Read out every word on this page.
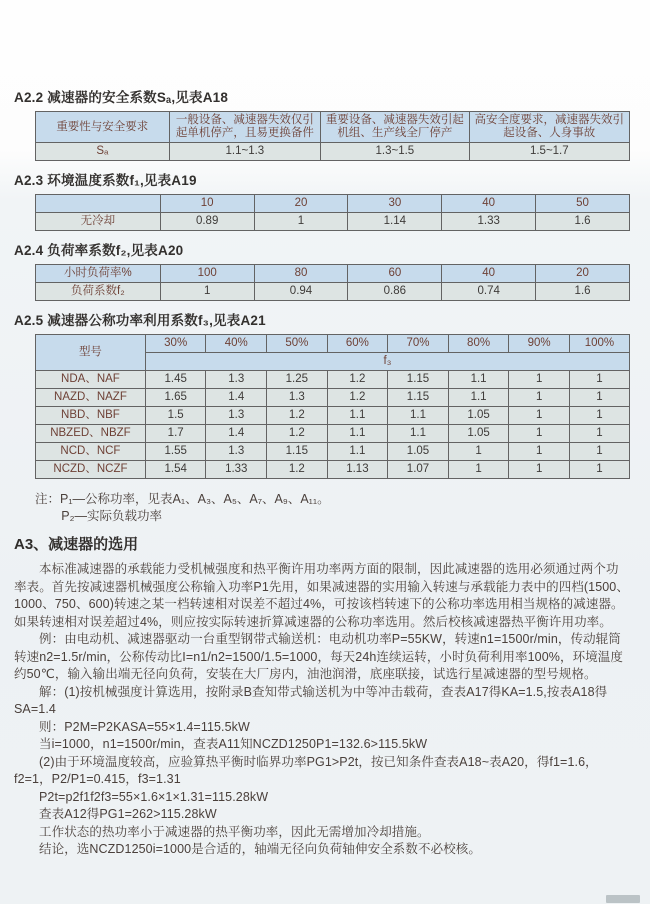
A2.2 减速器的安全系数Sₐ,见表A18
重要性与安全要求	一般设备、减速器失效仅引起单机停产，且易更换备件	重要设备、减速器失效引起机组、生产线全厂停产	高安全度要求，减速器失效引起设备、人身事故
Sₐ	1.1~1.3	1.3~1.5	1.5~1.7
A2.3 环境温度系数f₁,见表A19
	10	20	30	40	50
无冷却	0.89	1	1.14	1.33	1.6
A2.4 负荷率系数f₂,见表A20
小时负荷率%	100	80	60	40	20
负荷系数f₂	1	0.94	0.86	0.74	1.6
A2.5 减速器公称功率利用系数f₃,见表A21
型号	30%	40%	50%	60%	70%	80%	90%	100%
	f₃							
NDA、NAF	1.45	1.3	1.25	1.2	1.15	1.1	1	1
NAZD、NAZF	1.65	1.4	1.3	1.2	1.15	1.1	1	1
NBD、NBF	1.5	1.3	1.2	1.1	1.1	1.05	1	1
NBZED、NBZF	1.7	1.4	1.2	1.1	1.1	1.05	1	1
NCD、NCF	1.55	1.3	1.15	1.1	1.05	1	1	1
NCZD、NCZF	1.54	1.33	1.2	1.13	1.07	1	1	1
注：P₁—公称功率，见表A₁、A₃、A₅、A₇、A₉、A₁₁。
P₂—实际负载功率
A3、减速器的选用

本标准减速器的承载能力受机械强度和热平衡许用功率两方面的限制，因此减速器的选用必须通过两个功率表。首先按减速器机械强度公称输入功率P1先用，如果减速器的实用输入转速与承载能力表中的四档(1500、1000、750、600)转速之某一档转速相对误差不超过4%，可按该档转速下的公称功率选用相当规格的减速器。如果转速相对误差超过4%，则应按实际转速折算减速器的公称功率选用。然后校核减速器热平衡许用功率。

例：由电动机、减速器驱动一台重型钢带式输送机：电动机功率P=55KW，转速n1=1500r/min，传动辊筒转速n2=1.5r/min，公称传动比I=n1/n2=1500/1.5=1000，每天24h连续运转，小时负荷利用率100%，环境温度约50℃，输入输出端无径向负荷，安装在大厂房内，油池润滑，底座联接，试选行星减速器的型号规格。

解：(1)按机械强度计算选用，按附录B查知带式输送机为中等冲击载荷，查表A17得KA=1.5,按表A18得SA=1.4

则：P2M=P2KASA=55×1.4=115.5kW

当i=1000，n1=1500r/min，查表A11知NCZD1250P1=132.6>115.5kW

(2)由于环境温度较高，应验算热平衡时临界功率PG1>P2t，按已知条件查表A18~表A20，得f1=1.6，f2=1，P2/P1=0.415，f3=1.31

P2t=p2f1f2f3=55×1.6×1×1.31=115.28kW

查表A12得PG1=262>115.28kW

工作状态的热功率小于减速器的热平衡功率，因此无需增加冷却措施。

结论，选NCZD1250i=1000是合适的，轴端无径向负荷轴伸安全系数不必校核。
